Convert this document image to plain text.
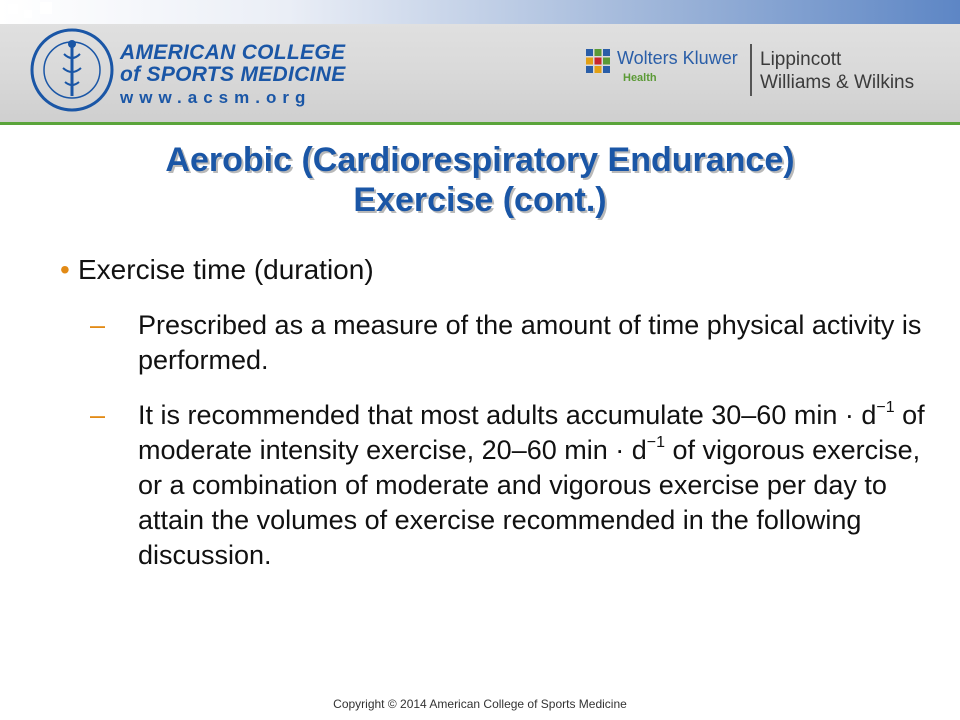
AMERICAN COLLEGE
of SPORTS MEDICINE
www.acsm.org
Wolters Kluwer
Health
Lippincott
Williams & Wilkins
Aerobic (Cardiorespiratory Endurance)
Exercise (cont.)
• Exercise time (duration)
– Prescribed as a measure of the amount of time physical activity is performed.
– It is recommended that most adults accumulate 30–60 $\min \cdot d^{-1}$ of moderate intensity exercise, 20–60 $\min \cdot d^{-1}$ of vigorous exercise, or a combination of moderate and vigorous exercise per day to attain the volumes of exercise recommended in the following discussion.
Copyright © 2014 American College of Sports Medicine
